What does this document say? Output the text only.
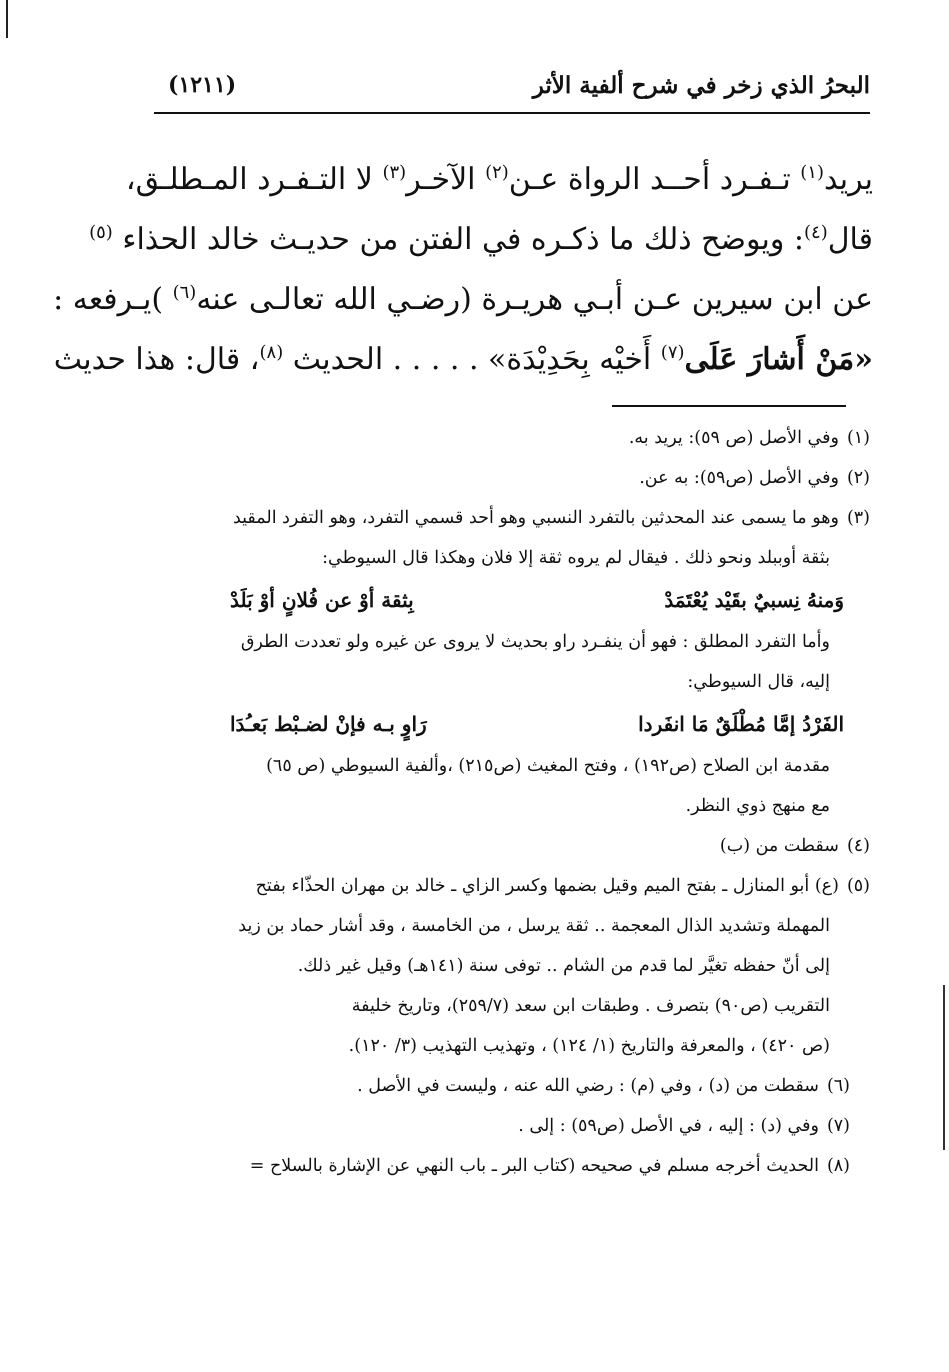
البحرُ الذي زخر في شرح ألفية الأثر
(١٢١١)
يريد$^{(١)}$ تـفـرد أحــد الرواة عـن$^{(٢)}$ الآخـر$^{(٣)}$ لا التـفـرد المـطلـق،
قال$^{(٤)}$: ويوضح ذلك ما ذكـره في الفتن من حديـث خالد الحذاء $^{(٥)}$
عن ابن سيرين عـن أبـي هريـرة (رضـي الله تعالـى عنه$^{(٦)}$ )يـرفعه :
«مَنْ أَشارَ عَلَى$^{(٧)}$ أَخيْه بِحَدِيْدَة» . . . . . الحديث $^{(٨)}$، قال: هذا حديث
(١)وفي الأصل (ص ٥٩): يريد به.
(٢)وفي الأصل (ص٥٩): به عن.
(٣)وهو ما يسمى عند المحدثين بالتفرد النسبي وهو أحد قسمي التفرد، وهو التفرد المقيد
بثقة أوببلد ونحو ذلك . فيقال لم يروه ثقة إلا فلان وهكذا قال السيوطي:
وَمنهُ نِسبيٌ بقَيْد يُعْتَمَدْ
بِثقة أوْ عن فُلانٍ أوْ بَلَدْ
وأما التفرد المطلق : فهو أن ينفـرد راو بحديث لا يروى عن غيره ولو تعددت الطرق
إليه، قال السيوطي:
الفَرْدُ إمَّا مُطْلَقٌ مَا انفَردا
رَاوٍ بـه فإنْ لضـبْط بَعـُدَا
مقدمة ابن الصلاح (ص١٩٢) ، وفتح المغيث (ص٢١٥) ،وألفية السيوطي (ص ٦٥)
مع منهج ذوي النظر.
(٤)سقطت من (ب)
(٥)(ع) أبو المنازل ـ بفتح الميم وقيل بضمها وكسر الزاي ـ خالد بن مهران الحذّاء بفتح
المهملة وتشديد الذال المعجمة .. ثقة يرسل ، من الخامسة ، وقد أشار حماد بن زيد
إلى أنّ حفظه تغيَّر لما قدم من الشام .. توفى سنة (١٤١هـ) وقيل غير ذلك.
التقريب (ص٩٠) بتصرف . وطبقات ابن سعد (٢٥٩/٧)، وتاريخ خليفة
(ص ٤٢٠) ، والمعرفة والتاريخ (١/ ١٢٤) ، وتهذيب التهذيب (٣/ ١٢٠).
(٦)سقطت من (د) ، وفي (م) : رضي الله عنه ، وليست في الأصل .
(٧)وفي (د) : إليه ، في الأصل (ص٥٩) : إلى .
(٨)الحديث أخرجه مسلم في صحيحه (كتاب البر ـ باب النهي عن الإشارة بالسلاح =
